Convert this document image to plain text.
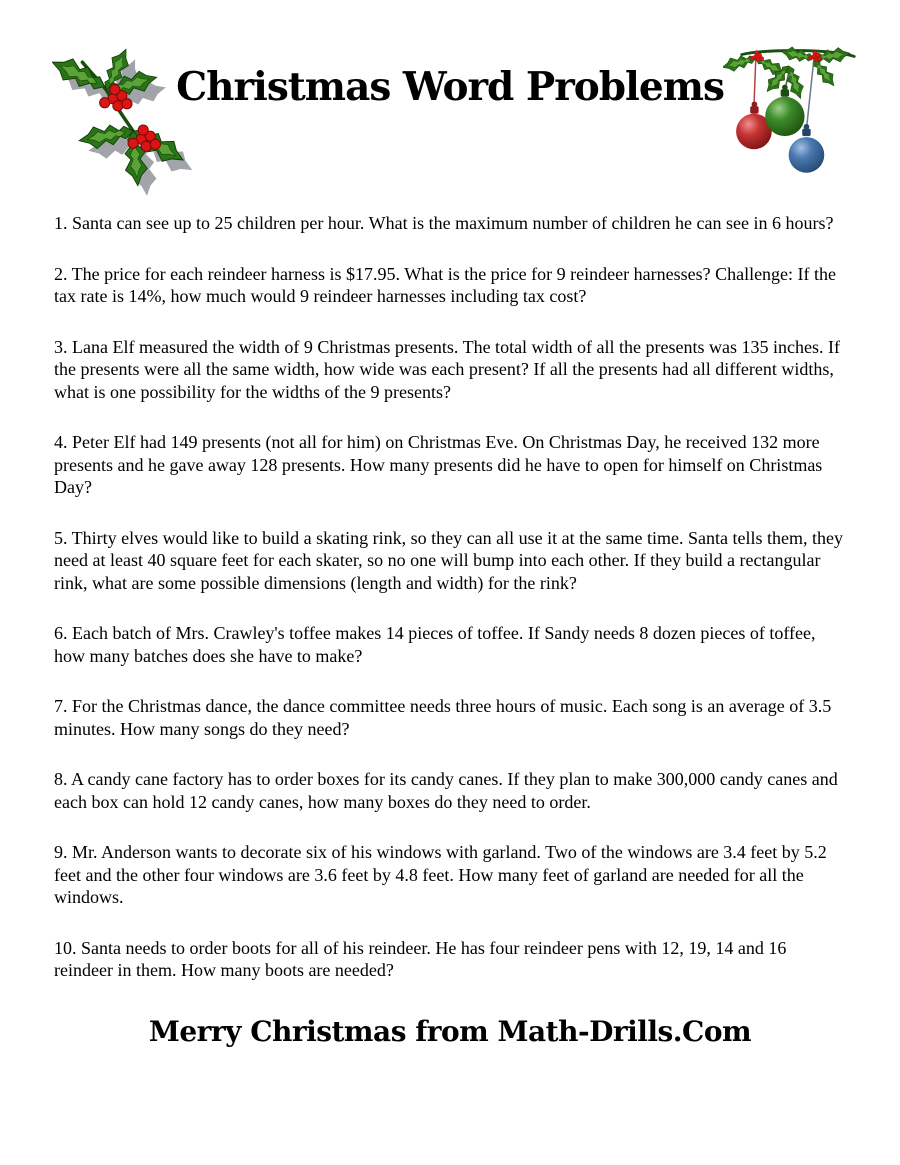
Christmas Word Problems

1. Santa can see up to 25 children per hour. What is the maximum number of children he can see in 6 hours?

2. The price for each reindeer harness is $17.95. What is the price for 9 reindeer harnesses? Challenge: If the tax rate is 14%, how much would 9 reindeer harnesses including tax cost?

3. Lana Elf measured the width of 9 Christmas presents. The total width of all the presents was 135 inches. If the presents were all the same width, how wide was each present? If all the presents had all different widths, what is one possibility for the widths of the 9 presents?

4. Peter Elf had 149 presents (not all for him) on Christmas Eve. On Christmas Day, he received 132 more presents and he gave away 128 presents. How many presents did he have to open for himself on Christmas Day?

5. Thirty elves would like to build a skating rink, so they can all use it at the same time. Santa tells them, they need at least 40 square feet for each skater, so no one will bump into each other. If they build a rectangular rink, what are some possible dimensions (length and width) for the rink?

6. Each batch of Mrs. Crawley's toffee makes 14 pieces of toffee. If Sandy needs 8 dozen pieces of toffee, how many batches does she have to make?

7. For the Christmas dance, the dance committee needs three hours of music. Each song is an average of 3.5 minutes. How many songs do they need?

8. A candy cane factory has to order boxes for its candy canes. If they plan to make 300,000 candy canes and each box can hold 12 candy canes, how many boxes do they need to order.

9. Mr. Anderson wants to decorate six of his windows with garland. Two of the windows are 3.4 feet by 5.2 feet and the other four windows are 3.6 feet by 4.8 feet. How many feet of garland are needed for all the windows.

10. Santa needs to order boots for all of his reindeer. He has four reindeer pens with 12, 19, 14 and 16 reindeer in them. How many boots are needed?

Merry Christmas from Math-Drills.Com
